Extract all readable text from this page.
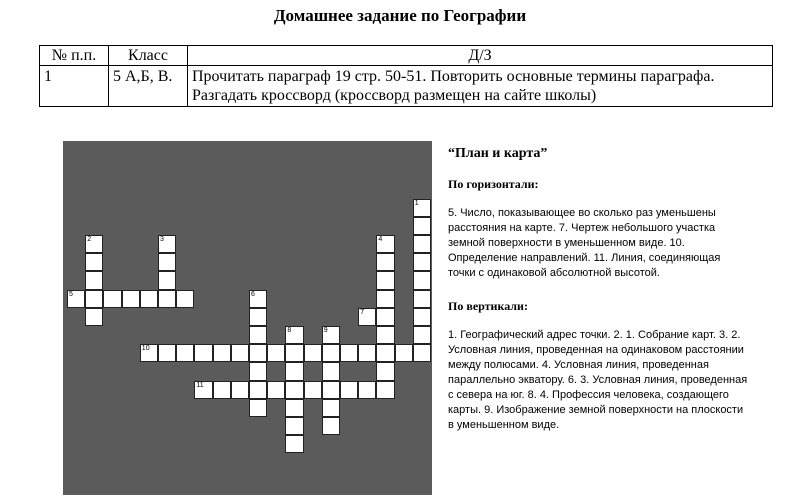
Домашнее задание по Географии
№ п.п.	Класс	Д/З
1	5 А,Б, В.	Прочитать параграф 19 стр. 50-51. Повторить основные термины параграфа. Разгадать кроссворд (кроссворд размещен на сайте школы)
1
2	3	4
5	6
7
8	9
10
11

“План и карта”

По горизонтали:

5. Число, показывающее во сколько раз уменьшены расстояния на карте. 7. Чертеж небольшого участка земной поверхности в уменьшенном виде. 10. Определение направлений. 11. Линия, соединяющая точки с одинаковой абсолютной высотой.

По вертикали:

1. Географический адрес точки. 2. 1. Собрание карт. 3. 2. Условная линия, проведенная на одинаковом расстоянии между полюсами. 4. Условная линия, проведенная параллельно экватору. 6. 3. Условная линия, проведенная с севера на юг. 8. 4. Профессия человека, создающего карты. 9. Изображение земной поверхности на плоскости в уменьшенном виде.
